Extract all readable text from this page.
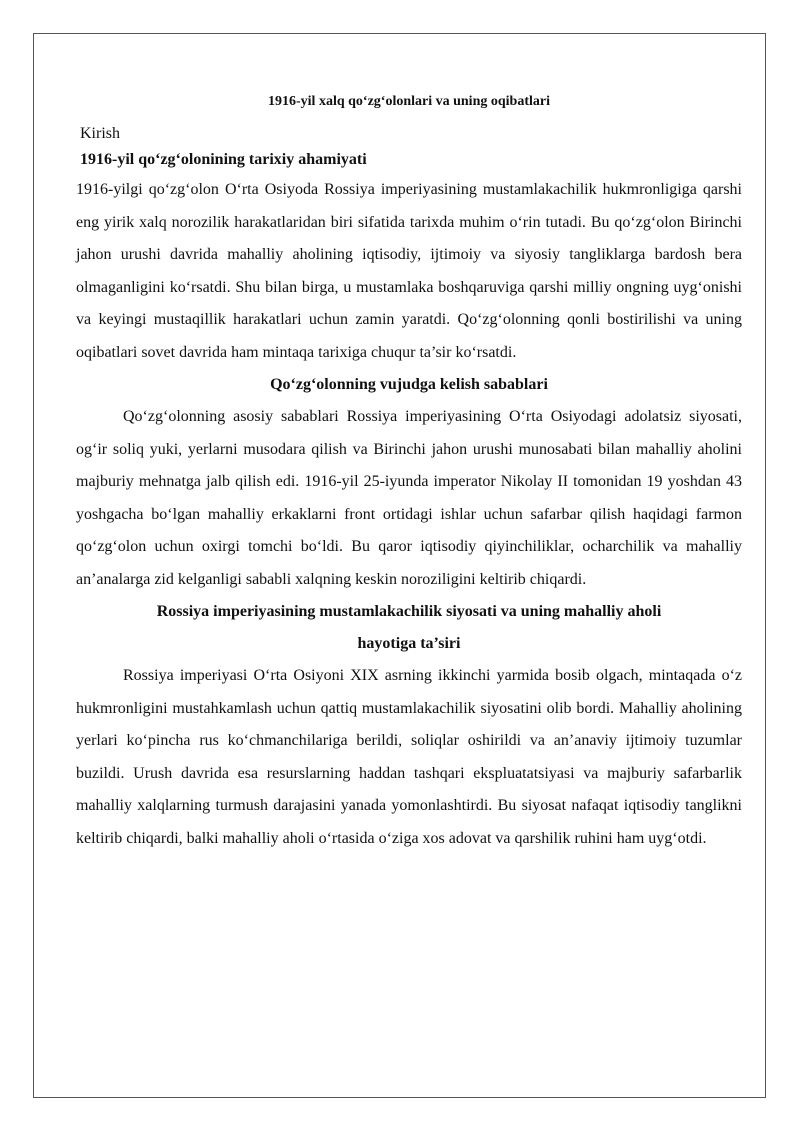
1916-yil xalq qo‘zg‘olonlari va uning oqibatlari
Kirish
1916-yil qo‘zg‘olonining tarixiy ahamiyati

1916-yilgi qo‘zg‘olon O‘rta Osiyoda Rossiya imperiyasining mustamlakachilik hukmronligiga qarshi eng yirik xalq norozilik harakatlaridan biri sifatida tarixda muhim o‘rin tutadi. Bu qo‘zg‘olon Birinchi jahon urushi davrida mahalliy aholining iqtisodiy, ijtimoiy va siyosiy tangliklarga bardosh bera olmaganligini ko‘rsatdi. Shu bilan birga, u mustamlaka boshqaruviga qarshi milliy ongning uyg‘onishi va keyingi mustaqillik harakatlari uchun zamin yaratdi. Qo‘zg‘olonning qonli bostirilishi va uning oqibatlari sovet davrida ham mintaqa tarixiga chuqur ta’sir ko‘rsatdi.

Qo‘zg‘olonning vujudga kelish sabablari

Qo‘zg‘olonning asosiy sabablari Rossiya imperiyasining O‘rta Osiyodagi adolatsiz siyosati, og‘ir soliq yuki, yerlarni musodara qilish va Birinchi jahon urushi munosabati bilan mahalliy aholini majburiy mehnatga jalb qilish edi. 1916-yil 25-iyunda imperator Nikolay II tomonidan 19 yoshdan 43 yoshgacha bo‘lgan mahalliy erkaklarni front ortidagi ishlar uchun safarbar qilish haqidagi farmon qo‘zg‘olon uchun oxirgi tomchi bo‘ldi. Bu qaror iqtisodiy qiyinchiliklar, ocharchilik va mahalliy an’analarga zid kelganligi sababli xalqning keskin noroziligini keltirib chiqardi.

Rossiya imperiyasining mustamlakachilik siyosati va uning mahalliy aholi
hayotiga ta’siri

Rossiya imperiyasi O‘rta Osiyoni XIX asrning ikkinchi yarmida bosib olgach, mintaqada o‘z hukmronligini mustahkamlash uchun qattiq mustamlakachilik siyosatini olib bordi. Mahalliy aholining yerlari ko‘pincha rus ko‘chmanchilariga berildi, soliqlar oshirildi va an’anaviy ijtimoiy tuzumlar buzildi. Urush davrida esa resurslarning haddan tashqari ekspluatatsiyasi va majburiy safarbarlik mahalliy xalqlarning turmush darajasini yanada yomonlashtirdi. Bu siyosat nafaqat iqtisodiy tanglikni keltirib chiqardi, balki mahalliy aholi o‘rtasida o‘ziga xos adovat va qarshilik ruhini ham uyg‘otdi.
